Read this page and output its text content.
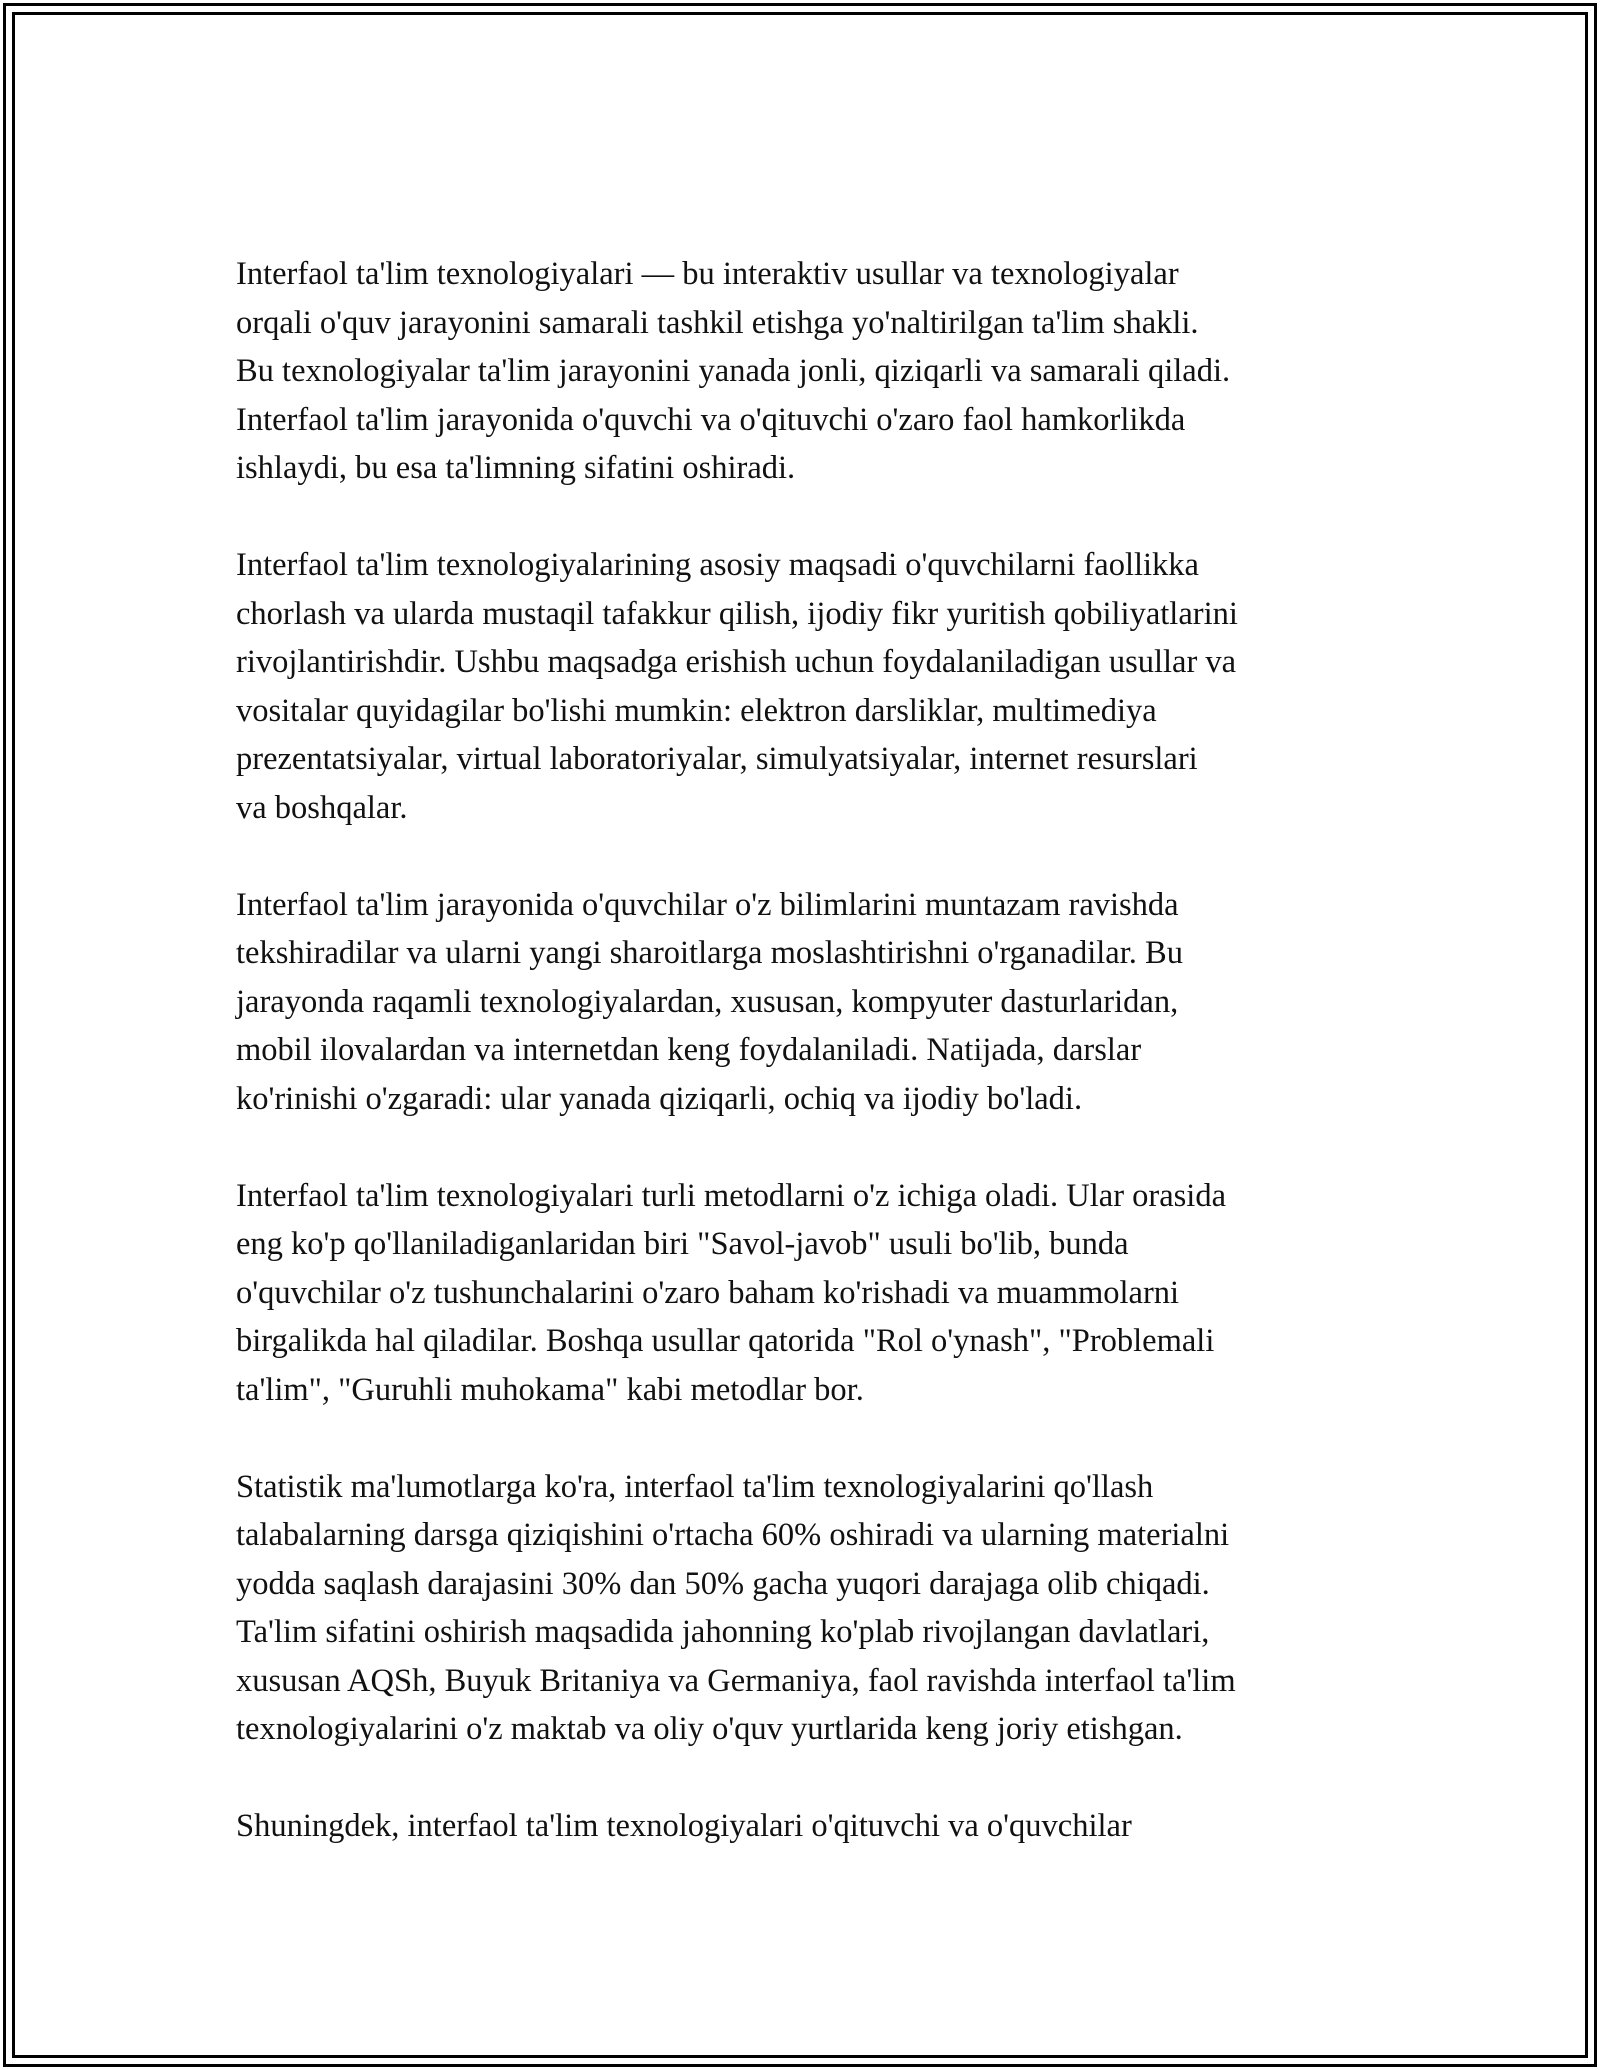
Interfaol ta'lim texnologiyalari — bu interaktiv usullar va texnologiyalar
orqali o'quv jarayonini samarali tashkil etishga yo'naltirilgan ta'lim shakli.
Bu texnologiyalar ta'lim jarayonini yanada jonli, qiziqarli va samarali qiladi.
Interfaol ta'lim jarayonida o'quvchi va o'qituvchi o'zaro faol hamkorlikda
ishlaydi, bu esa ta'limning sifatini oshiradi.

Interfaol ta'lim texnologiyalarining asosiy maqsadi o'quvchilarni faollikka
chorlash va ularda mustaqil tafakkur qilish, ijodiy fikr yuritish qobiliyatlarini
rivojlantirishdir. Ushbu maqsadga erishish uchun foydalaniladigan usullar va
vositalar quyidagilar bo'lishi mumkin: elektron darsliklar, multimediya
prezentatsiyalar, virtual laboratoriyalar, simulyatsiyalar, internet resurslari
va boshqalar.

Interfaol ta'lim jarayonida o'quvchilar o'z bilimlarini muntazam ravishda
tekshiradilar va ularni yangi sharoitlarga moslashtirishni o'rganadilar. Bu
jarayonda raqamli texnologiyalardan, xususan, kompyuter dasturlaridan,
mobil ilovalardan va internetdan keng foydalaniladi. Natijada, darslar
ko'rinishi o'zgaradi: ular yanada qiziqarli, ochiq va ijodiy bo'ladi.

Interfaol ta'lim texnologiyalari turli metodlarni o'z ichiga oladi. Ular orasida
eng ko'p qo'llaniladiganlaridan biri "Savol-javob" usuli bo'lib, bunda
o'quvchilar o'z tushunchalarini o'zaro baham ko'rishadi va muammolarni
birgalikda hal qiladilar. Boshqa usullar qatorida "Rol o'ynash", "Problemali
ta'lim", "Guruhli muhokama" kabi metodlar bor.

Statistik ma'lumotlarga ko'ra, interfaol ta'lim texnologiyalarini qo'llash
talabalarning darsga qiziqishini o'rtacha 60% oshiradi va ularning materialni
yodda saqlash darajasini 30% dan 50% gacha yuqori darajaga olib chiqadi.
Ta'lim sifatini oshirish maqsadida jahonning ko'plab rivojlangan davlatlari,
xususan AQSh, Buyuk Britaniya va Germaniya, faol ravishda interfaol ta'lim
texnologiyalarini o'z maktab va oliy o'quv yurtlarida keng joriy etishgan.

Shuningdek, interfaol ta'lim texnologiyalari o'qituvchi va o'quvchilar
